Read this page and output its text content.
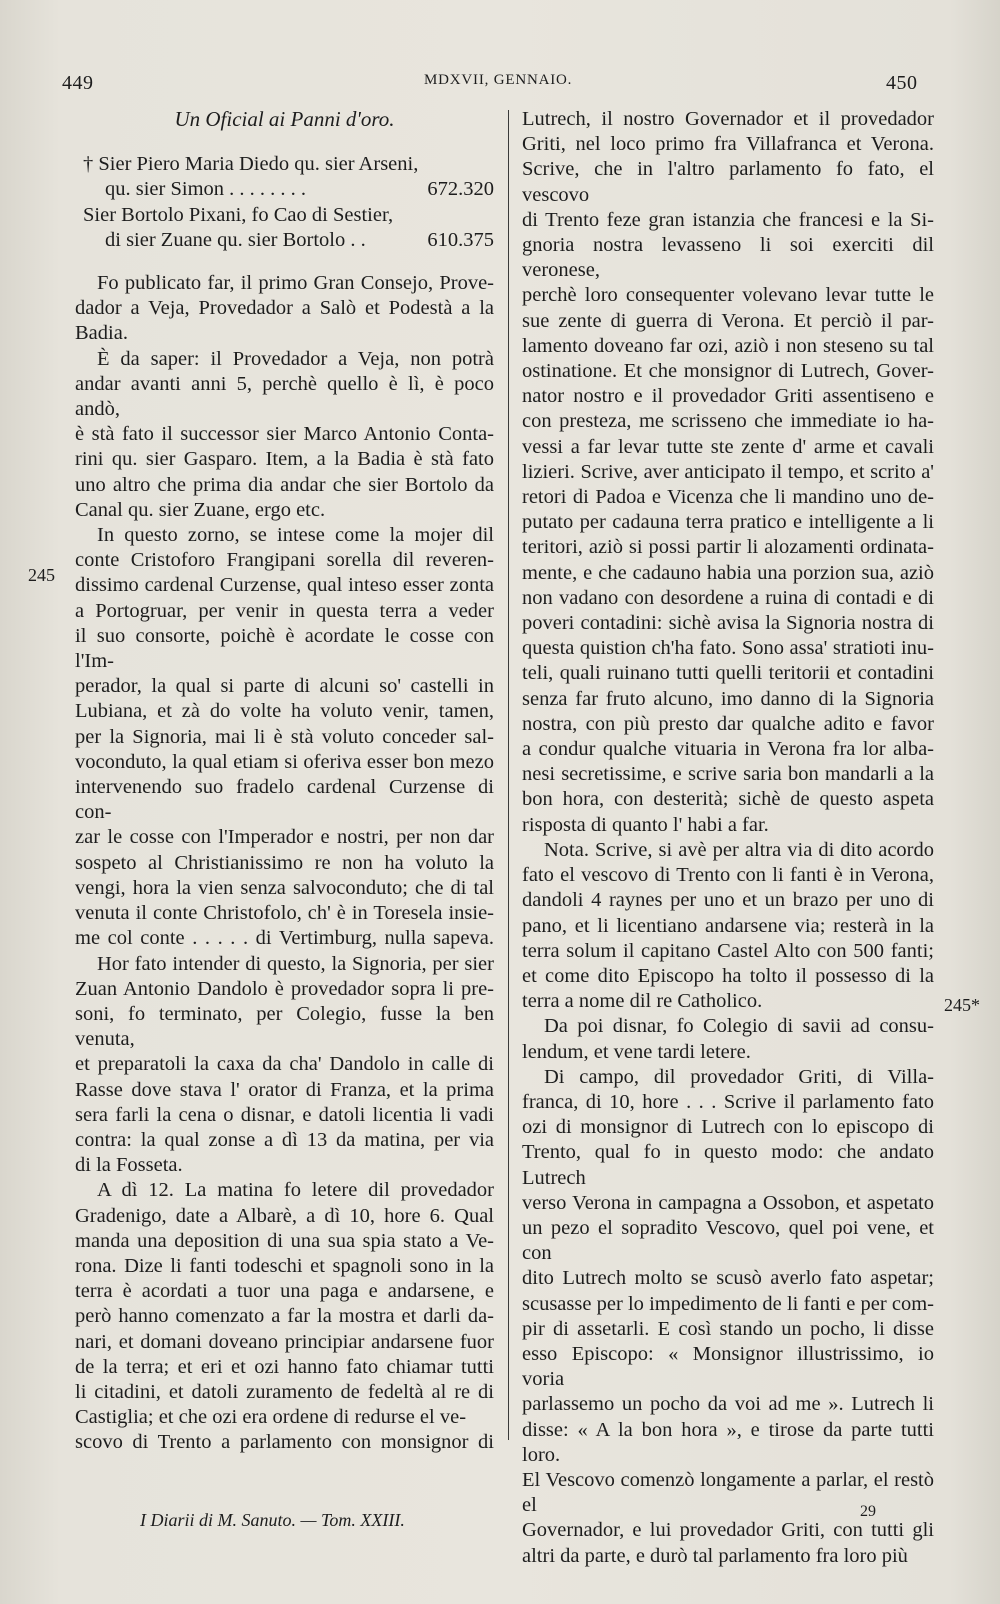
449	MDXVII, GENNAIO.	450
245
245*
Un Oficial ai Panni d'oro.
† Sier Piero Maria Diedo qu. sier Arseni,
qu. sier Simon . . . . . . . .	672.320
Sier Bortolo Pixani, fo Cao di Sestier,
di sier Zuane qu. sier Bortolo . .	610.375
Fo publicato far, il primo Gran Consejo, Prove-
dador a Veja, Provedador a Salò et Podestà a la
Badia.
È da saper: il Provedador a Veja, non potrà
andar avanti anni 5, perchè quello è lì, è poco andò,
è stà fato il successor sier Marco Antonio Conta-
rini qu. sier Gasparo. Item, a la Badia è stà fato
uno altro che prima dia andar che sier Bortolo da
Canal qu. sier Zuane, ergo etc.
In questo zorno, se intese come la mojer dil
conte Cristoforo Frangipani sorella dil reveren-
dissimo cardenal Curzense, qual inteso esser zonta
a Portogruar, per venir in questa terra a veder
il suo consorte, poichè è acordate le cosse con l'Im-
perador, la qual si parte di alcuni so' castelli in
Lubiana, et zà do volte ha voluto venir, tamen,
per la Signoria, mai li è stà voluto conceder sal-
voconduto, la qual etiam si oferiva esser bon mezo
intervenendo suo fradelo cardenal Curzense di con-
zar le cosse con l'Imperador e nostri, per non dar
sospeto al Christianissimo re non ha voluto la
vengi, hora la vien senza salvoconduto; che di tal
venuta il conte Christofolo, ch' è in Toresela insie-
me col conte . . . . . di Vertimburg, nulla sapeva.
Hor fato intender di questo, la Signoria, per sier
Zuan Antonio Dandolo è provedador sopra li pre-
soni, fo terminato, per Colegio, fusse la ben venuta,
et preparatoli la caxa da cha' Dandolo in calle di
Rasse dove stava l' orator di Franza, et la prima
sera farli la cena o disnar, e datoli licentia li vadi
contra: la qual zonse a dì 13 da matina, per via
di la Fosseta.
A dì 12. La matina fo letere dil provedador
Gradenigo, date a Albarè, a dì 10, hore 6. Qual
manda una deposition di una sua spia stato a Ve-
rona. Dize li fanti todeschi et spagnoli sono in la
terra è acordati a tuor una paga e andarsene, e
però hanno comenzato a far la mostra et darli da-
nari, et domani doveano principiar andarsene fuor
de la terra; et eri et ozi hanno fato chiamar tutti
li citadini, et datoli zuramento de fedeltà al re di
Castiglia; et che ozi era ordene di redurse el ve-
scovo di Trento a parlamento con monsignor di
Lutrech, il nostro Governador et il provedador
Griti, nel loco primo fra Villafranca et Verona.
Scrive, che in l'altro parlamento fo fato, el vescovo
di Trento feze gran istanzia che francesi e la Si-
gnoria nostra levasseno li soi exerciti dil veronese,
perchè loro consequenter volevano levar tutte le
sue zente di guerra di Verona. Et perciò il par-
lamento doveano far ozi, aziò i non steseno su tal
ostinatione. Et che monsignor di Lutrech, Gover-
nator nostro e il provedador Griti assentiseno e
con presteza, me scrisseno che immediate io ha-
vessi a far levar tutte ste zente d' arme et cavali
lizieri. Scrive, aver anticipato il tempo, et scrito a'
retori di Padoa e Vicenza che li mandino uno de-
putato per cadauna terra pratico e intelligente a li
teritori, aziò si possi partir li alozamenti ordinata-
mente, e che cadauno habia una porzion sua, aziò
non vadano con desordene a ruina di contadi e di
poveri contadini: sichè avisa la Signoria nostra di
questa quistion ch'ha fato. Sono assa' stratioti inu-
teli, quali ruinano tutti quelli teritorii et contadini
senza far fruto alcuno, imo danno di la Signoria
nostra, con più presto dar qualche adito e favor
a condur qualche vituaria in Verona fra lor alba-
nesi secretissime, e scrive saria bon mandarli a la
bon hora, con desterità; sichè de questo aspeta
risposta di quanto l' habi a far.
Nota. Scrive, si avè per altra via di dito acordo
fato el vescovo di Trento con li fanti è in Verona,
dandoli 4 raynes per uno et un brazo per uno di
pano, et li licentiano andarsene via; resterà in la
terra solum il capitano Castel Alto con 500 fanti;
et come dito Episcopo ha tolto il possesso di la
terra a nome dil re Catholico.
Da poi disnar, fo Colegio di savii ad consu-
lendum, et vene tardi letere.
Di campo, dil provedador Griti, di Villa-
franca, di 10, hore . . . Scrive il parlamento fato
ozi di monsignor di Lutrech con lo episcopo di
Trento, qual fo in questo modo: che andato Lutrech
verso Verona in campagna a Ossobon, et aspetato
un pezo el sopradito Vescovo, quel poi vene, et con
dito Lutrech molto se scusò averlo fato aspetar;
scusasse per lo impedimento de li fanti e per com-
pir di assetarli. E così stando un pocho, li disse
esso Episcopo: « Monsignor illustrissimo, io voria
parlassemo un pocho da voi ad me ». Lutrech li
disse: « A la bon hora », e tirose da parte tutti loro.
El Vescovo comenzò longamente a parlar, el restò el
Governador, e lui provedador Griti, con tutti gli
altri da parte, e durò tal parlamento fra loro più
I Diarii di M. Sanuto. — Tom. XXIII.	29
